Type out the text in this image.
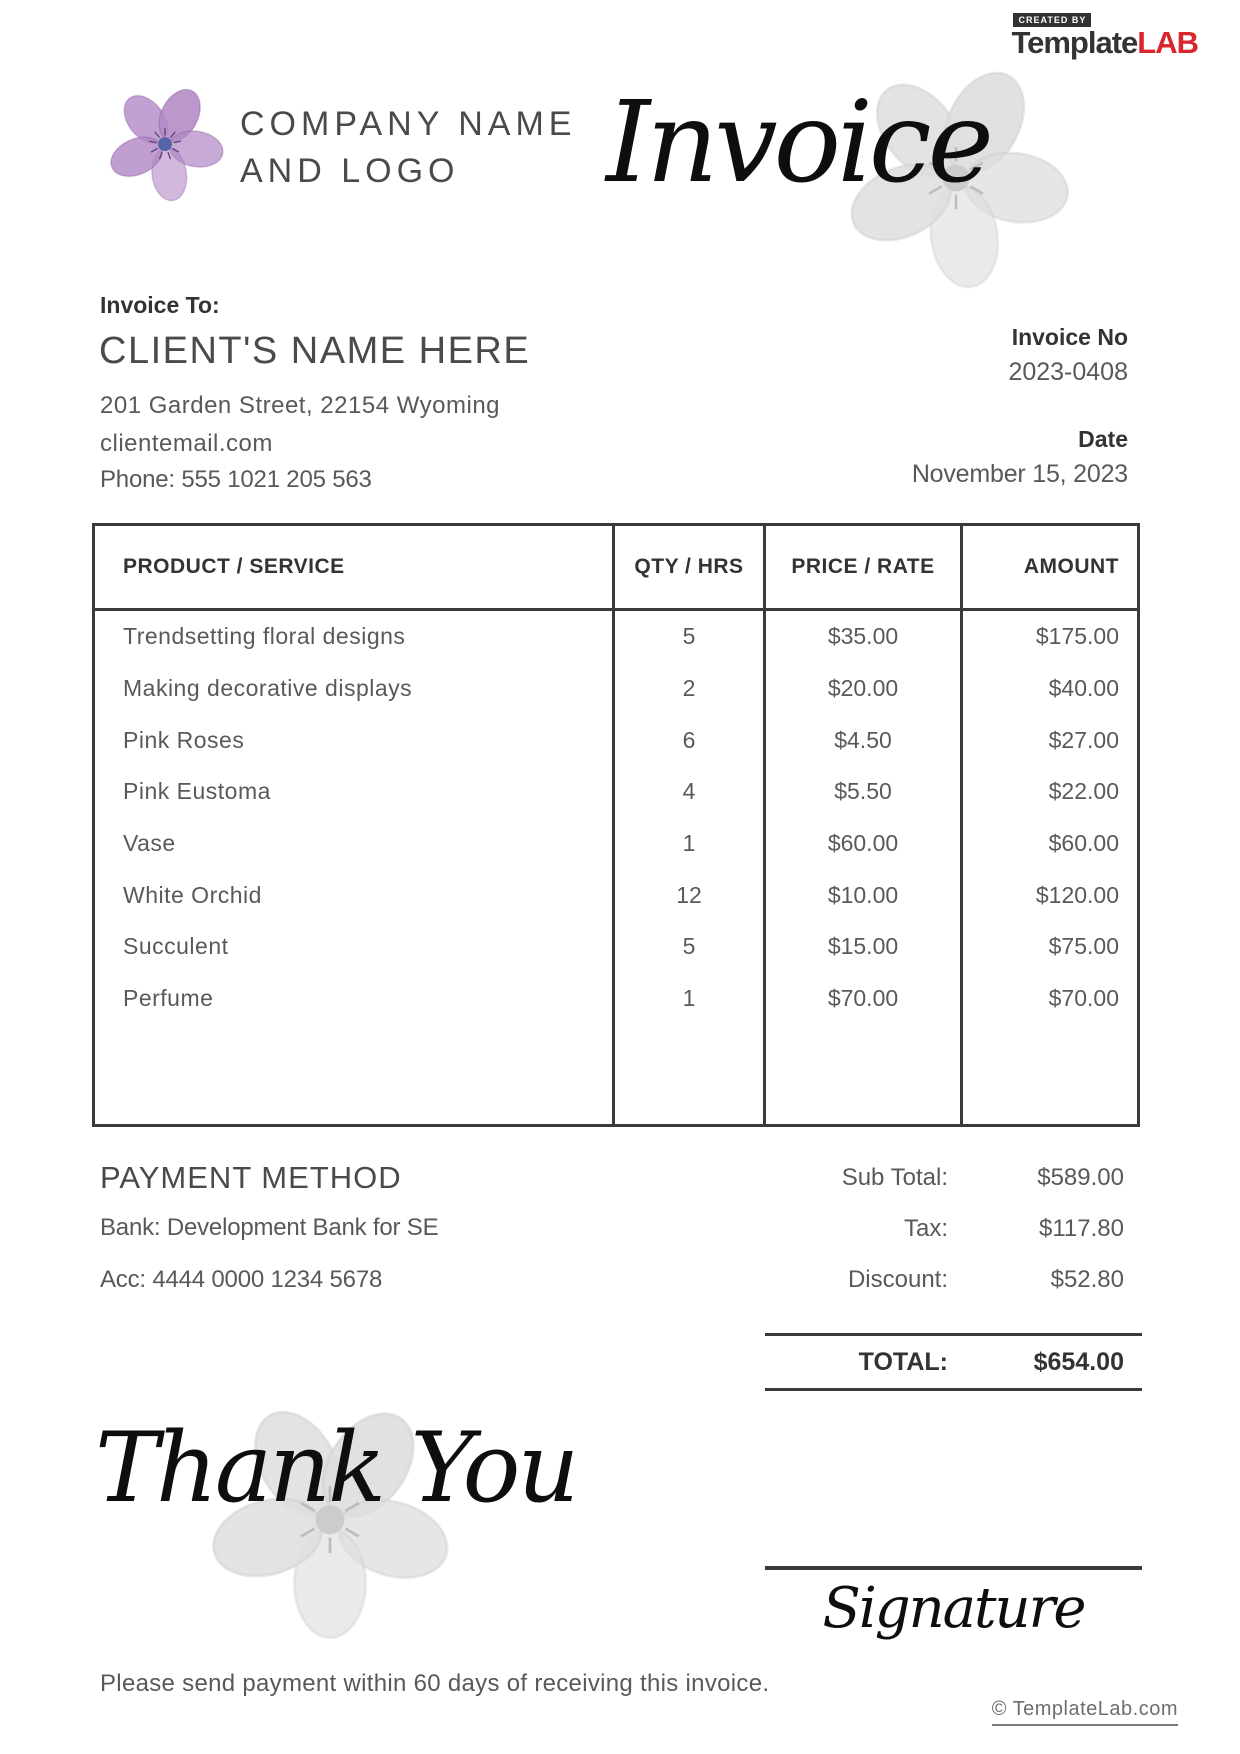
CREATED BY
TemplateLAB
COMPANY NAME
AND LOGO	Invoice
Invoice To:
CLIENT'S NAME HERE
201 Garden Street, 22154 Wyoming
clientemail.com
Phone: 555 1021 205 563
Invoice No
2023-0408
Date
November 15, 2023
PRODUCT / SERVICE	QTY / HRS	PRICE / RATE	AMOUNT
Trendsetting floral designs	5	$35.00	$175.00
Making decorative displays	2	$20.00	$40.00
Pink Roses	6	$4.50	$27.00
Pink Eustoma	4	$5.50	$22.00
Vase	1	$60.00	$60.00
White Orchid	12	$10.00	$120.00
Succulent	5	$15.00	$75.00
Perfume	1	$70.00	$70.00
PAYMENT METHOD
Bank: Development Bank for SE
Acc: 4444 0000 1234 5678
Sub Total:	$589.00
Tax:	$117.80
Discount:	$52.80
TOTAL:	$654.00
Thank You
Signature
Please send payment within 60 days of receiving this invoice.
© TemplateLab.com
